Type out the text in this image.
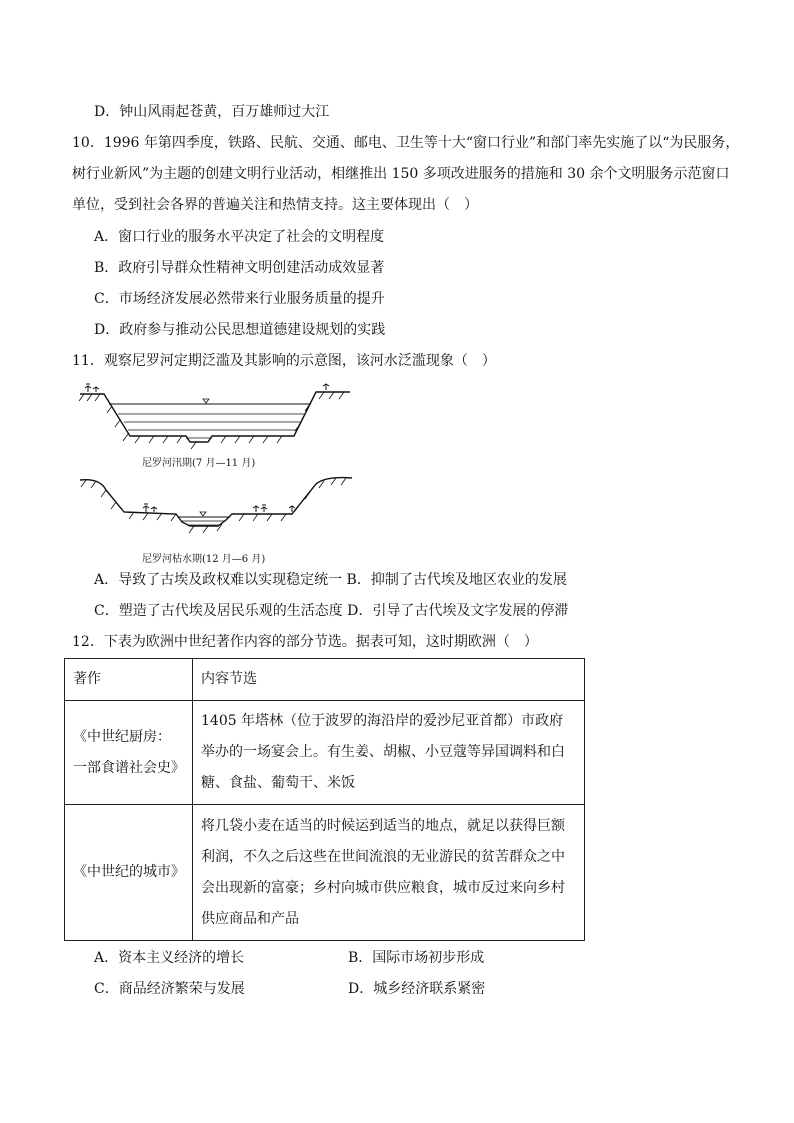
D．钟山风雨起苍黄，百万雄师过大江
10．1996 年第四季度，铁路、民航、交通、邮电、卫生等十大“窗口行业”和部门率先实施了以“为民服务，
树行业新风”为主题的创建文明行业活动，相继推出 150 多项改进服务的措施和 30 余个文明服务示范窗口
单位，受到社会各界的普遍关注和热情支持。这主要体现出（　）
A．窗口行业的服务水平决定了社会的文明程度
B．政府引导群众性精神文明创建活动成效显著
C．市场经济发展必然带来行业服务质量的提升
D．政府参与推动公民思想道德建设规划的实践
11．观察尼罗河定期泛滥及其影响的示意图，该河水泛滥现象（　）
尼罗河汛期(7 月—11 月)
尼罗河枯水期(12 月—6 月)
A．导致了古埃及政权难以实现稳定统一 B．抑制了古代埃及地区农业的发展
C．塑造了古代埃及居民乐观的生活态度 D．引导了古代埃及文字发展的停滞
12．下表为欧洲中世纪著作内容的部分节选。据表可知，这时期欧洲（　）
著作	内容节选
《中世纪厨房：一部食谱社会史》	1405 年塔林（位于波罗的海沿岸的爱沙尼亚首都）市政府举办的一场宴会上。有生姜、胡椒、小豆蔻等异国调料和白糖、食盐、葡萄干、米饭
《中世纪的城市》	将几袋小麦在适当的时候运到适当的地点，就足以获得巨额利润，不久之后这些在世间流浪的无业游民的贫苦群众之中会出现新的富豪；乡村向城市供应粮食，城市反过来向乡村供应商品和产品
A．资本主义经济的增长	B．国际市场初步形成
C．商品经济繁荣与发展	D．城乡经济联系紧密
